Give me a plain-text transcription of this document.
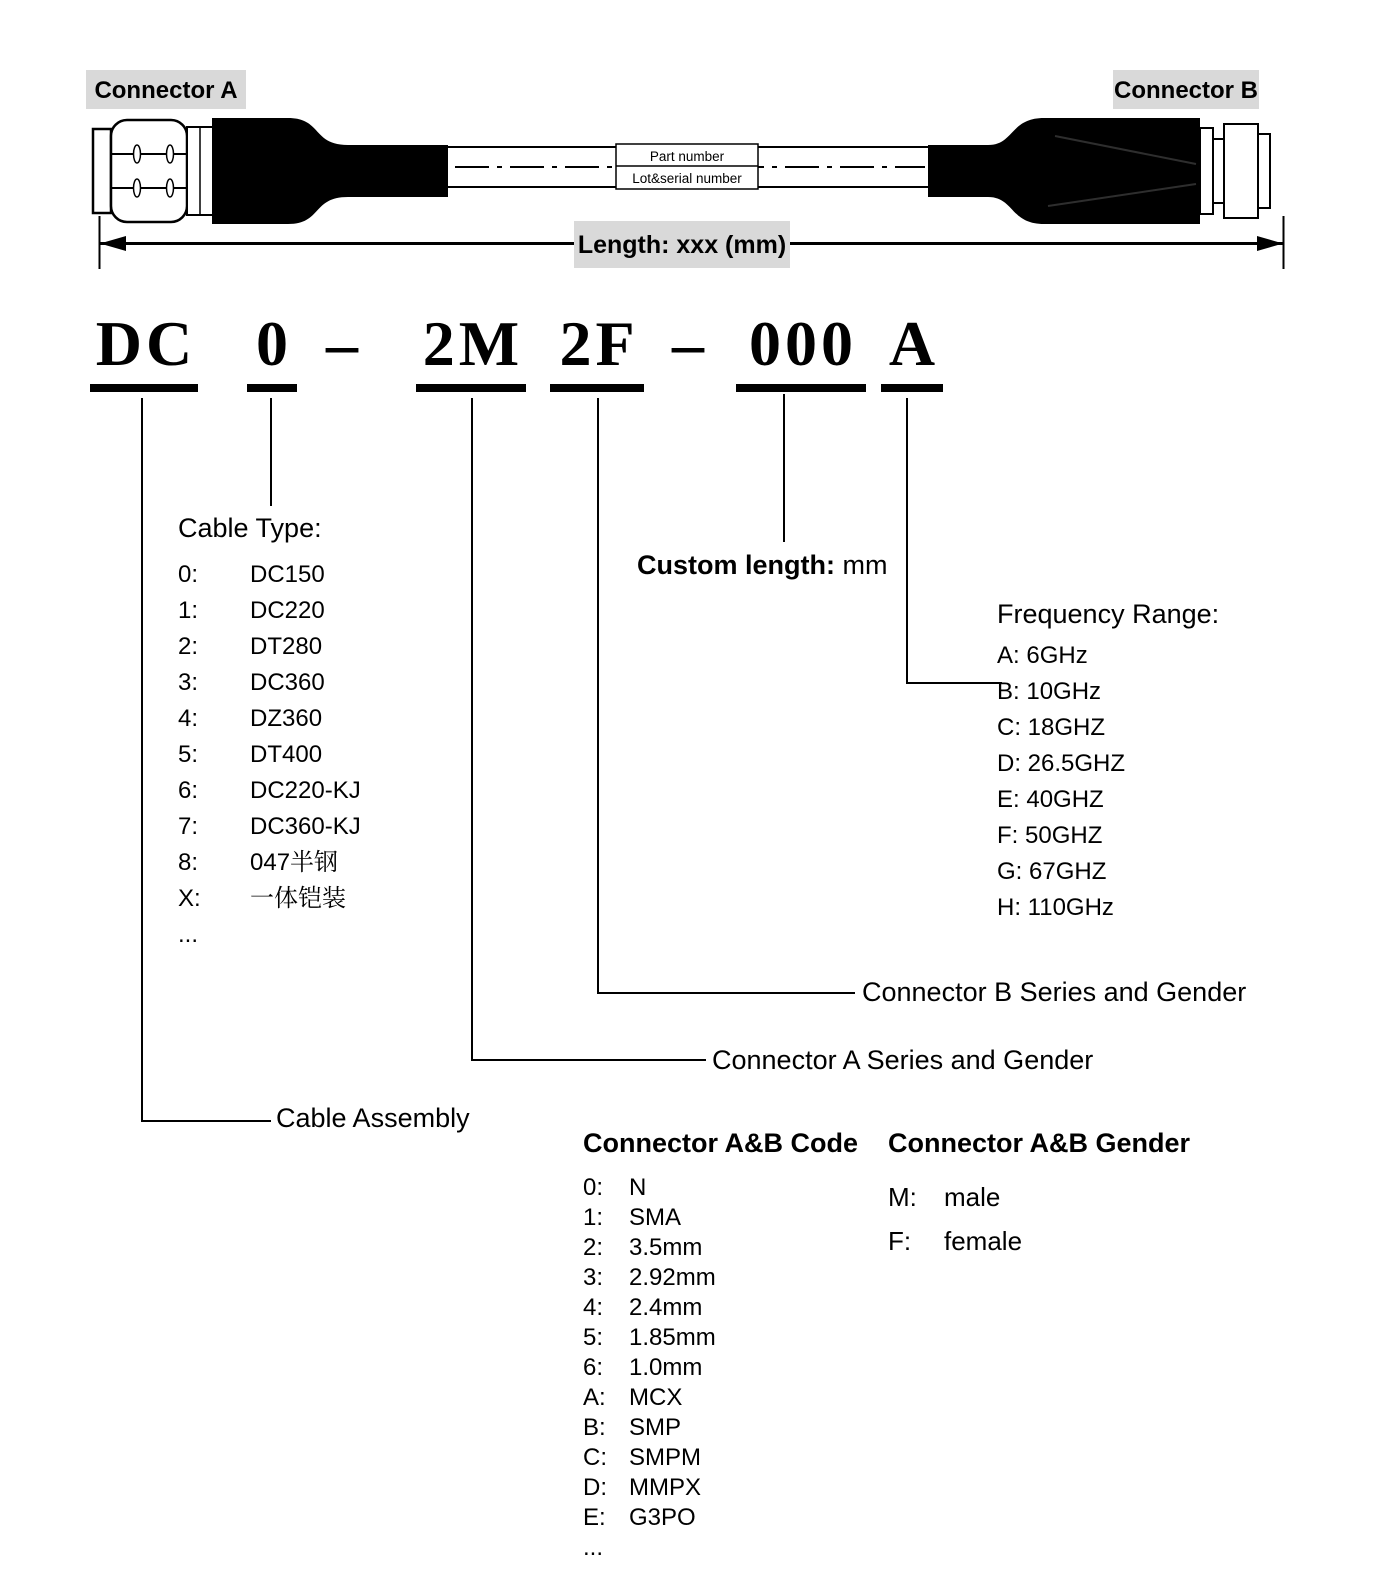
Part number
Lot&serial number
Length: xxx (mm)
Connector A	Connector B
DC 0 – 2M 2F – 000 A
Cable Type:
0:	DC150
1:	DC220
2:	DT280
3:	DC360
4:	DZ360
5:	DT400
6:	DC220-KJ
7:	DC360-KJ
8:	047半钢
X:	一体铠装
...
Custom length: mm
Frequency Range:
A: 6GHz
B: 10GHz
C: 18GHZ
D: 26.5GHZ
E: 40GHZ
F: 50GHZ
G: 67GHZ
H: 110GHz
Connector B Series and Gender
Connector A Series and Gender
Cable Assembly
Connector A&B Code
0:	N
1:	SMA
2:	3.5mm
3:	2.92mm
4:	2.4mm
5:	1.85mm
6:	1.0mm
A: MCX
B: SMP
C: SMPM
D: MMPX
E: G3PO
...
Connector A&B Gender
M:	male
F:	female
